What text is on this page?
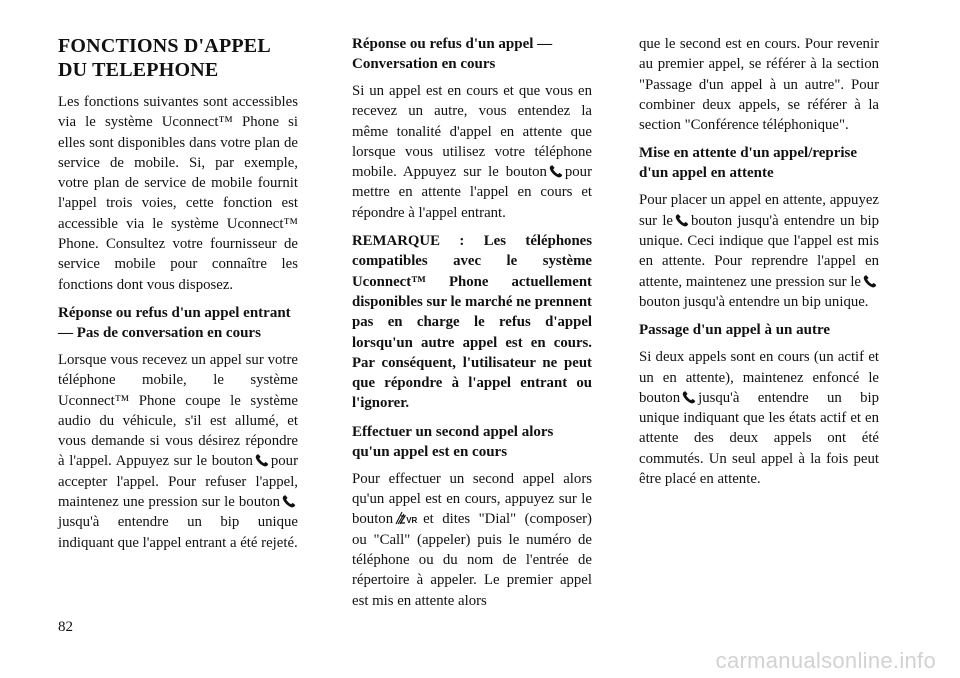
FONCTIONS D'APPEL DU TELEPHONE

Les fonctions suivantes sont accessibles via le système Uconnect™ Phone si elles sont disponibles dans votre plan de service de mobile. Si, par exemple, votre plan de service de mobile fournit l'appel trois voies, cette fonction est accessible via le système Uconnect™ Phone. Consultez votre fournisseur de service mobile pour connaître les fonctions dont vous disposez.

Réponse ou refus d'un appel entrant — Pas de conversation en cours

Lorsque vous recevez un appel sur votre téléphone mobile, le système Uconnect™ Phone coupe le système audio du véhicule, s'il est allumé, et vous demande si vous désirez répondre à l'appel. Appuyez sur le bouton pour accepter l'appel. Pour refuser l'appel, maintenez une pression sur le bouton
jusqu'à entendre un bip unique indiquant que l'appel entrant a été rejeté.

Réponse ou refus d'un appel — Conversation en cours

Si un appel est en cours et que vous en recevez un autre, vous entendez la même tonalité d'appel en attente que lorsque vous utilisez votre téléphone mobile. Appuyez sur le bouton pour mettre en attente l'appel en cours et répondre à l'appel entrant.

REMARQUE : Les téléphones compatibles avec le système Uconnect™ Phone actuellement disponibles sur le marché ne prennent pas en charge le refus d'appel lorsqu'un autre appel est en cours. Par conséquent, l'utilisateur ne peut que répondre à l'appel entrant ou l'ignorer.

Effectuer un second appel alors qu'un appel est en cours

Pour effectuer un second appel alors qu'un appel est en cours, appuyez sur le bouton VR et dites "Dial" (composer) ou "Call" (appeler) puis le numéro de téléphone ou du nom de l'entrée de répertoire à appeler. Le premier appel est mis en attente alors

que le second est en cours. Pour revenir au premier appel, se référer à la section "Passage d'un appel à un autre". Pour combiner deux appels, se référer à la section "Conférence téléphonique".

Mise en attente d'un appel/reprise d'un appel en attente

Pour placer un appel en attente, appuyez sur le bouton jusqu'à entendre un bip unique. Ceci indique que l'appel est mis en attente. Pour reprendre l'appel en attente, maintenez une pression sur le
bouton jusqu'à entendre un bip unique.

Passage d'un appel à un autre

Si deux appels sont en cours (un actif et un en attente), maintenez enfoncé le bouton jusqu'à entendre un bip unique indiquant que les états actif et en attente des deux appels ont été commutés. Un seul appel à la fois peut être placé en attente.

82
carmanualsonline.info
